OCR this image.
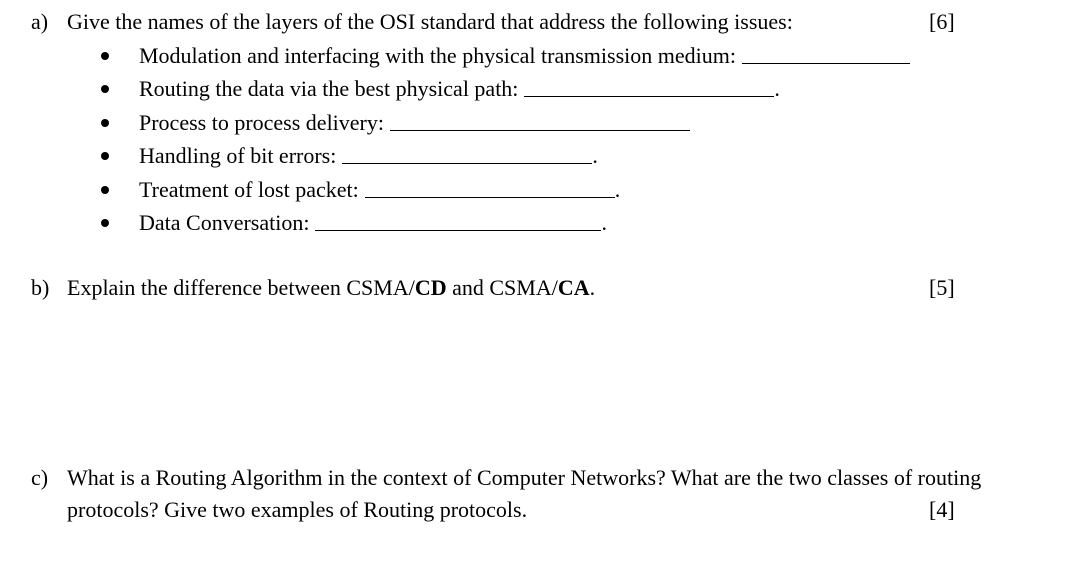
a) Give the names of the layers of the OSI standard that address the following issues:	[6]
Modulation and interfacing with the physical transmission medium:
Routing the data via the best physical path:	.
Process to process delivery:
Handling of bit errors:	.
Treatment of lost packet:	.
Data Conversation:	.
b) Explain the difference between CSMA/CD and CSMA/CA.	[5]
c) What is a Routing Algorithm in the context of Computer Networks? What are the two classes of routing
protocols? Give two examples of Routing protocols.	[4]
